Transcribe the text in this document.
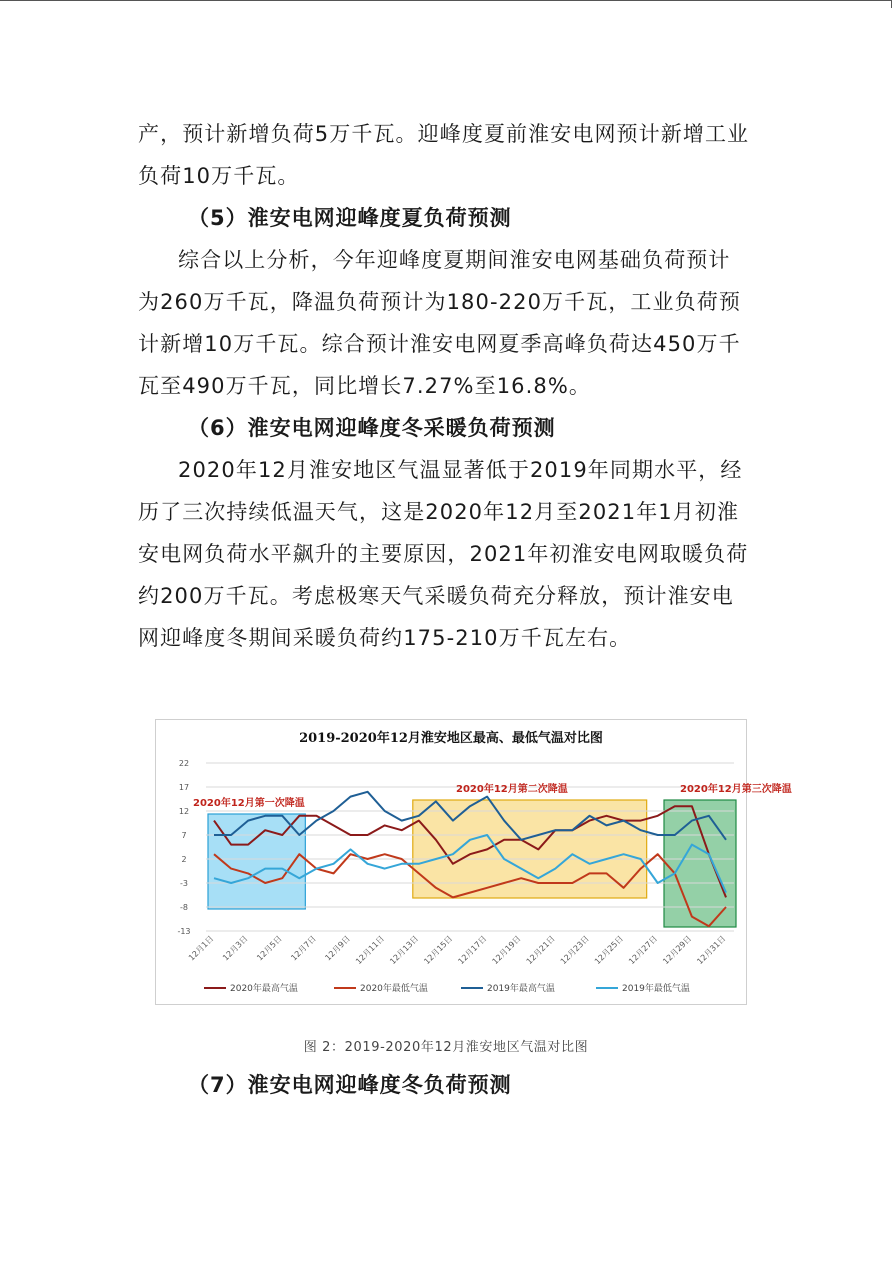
产，预计新增负荷5万千瓦。迎峰度夏前淮安电网预计新增工业负荷10万千瓦。

（5）淮安电网迎峰度夏负荷预测

综合以上分析，今年迎峰度夏期间淮安电网基础负荷预计为260万千瓦，降温负荷预计为180-220万千瓦，工业负荷预计新增10万千瓦。综合预计淮安电网夏季高峰负荷达450万千瓦至490万千瓦，同比增长7.27%至16.8%。

（6）淮安电网迎峰度冬采暖负荷预测

2020年12月淮安地区气温显著低于2019年同期水平，经历了三次持续低温天气，这是2020年12月至2021年1月初淮安电网负荷水平飙升的主要原因，2021年初淮安电网取暖负荷约200万千瓦。考虑极寒天气采暖负荷充分释放，预计淮安电网迎峰度冬期间采暖负荷约175-210万千瓦左右。

-13
-8
-3
2
7
12
17
22
2020年12月第一次降温
2020年12月第二次降温	2020年12月第三次降温
12月1日 12月3日 12月5日 12月7日 12月9日 12月11日 12月13日 12月15日 12月17日 12月19日 12月21日 12月23日 12月25日 12月27日 12月29日 12月31日
2019-2020年12月淮安地区最高、最低气温对比图
2020年最高气温	2020年最低气温	2019年最高气温	2019年最低气温
图 2：2019-2020年12月淮安地区气温对比图

（7）淮安电网迎峰度冬负荷预测
